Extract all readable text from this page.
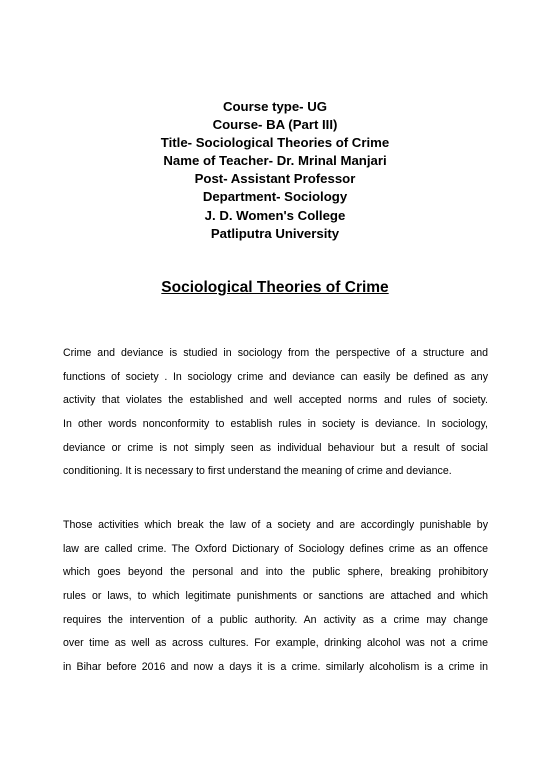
Course type- UG
Course- BA (Part III)
Title- Sociological Theories of Crime
Name of Teacher- Dr. Mrinal Manjari
Post- Assistant Professor
Department- Sociology
J. D. Women's College
Patliputra University
Sociological Theories of Crime
Crime and deviance is studied in sociology from the perspective of a structure and
functions of society . In sociology crime and deviance can easily be defined as any
activity that violates the established and well accepted norms and rules of society.
In other words nonconformity to establish rules in society is deviance. In sociology,
deviance or crime is not simply seen as individual behaviour but a result of social
conditioning. It is necessary to first understand the meaning of crime and deviance.
Those activities which break the law of a society and are accordingly punishable by
law are called crime. The Oxford Dictionary of Sociology defines crime as an offence
which goes beyond the personal and into the public sphere, breaking prohibitory
rules or laws, to which legitimate punishments or sanctions are attached and which
requires the intervention of a public authority. An activity as a crime may change
over time as well as across cultures. For example, drinking alcohol was not a crime
in Bihar before 2016 and now a days it is a crime. similarly alcoholism is a crime in
